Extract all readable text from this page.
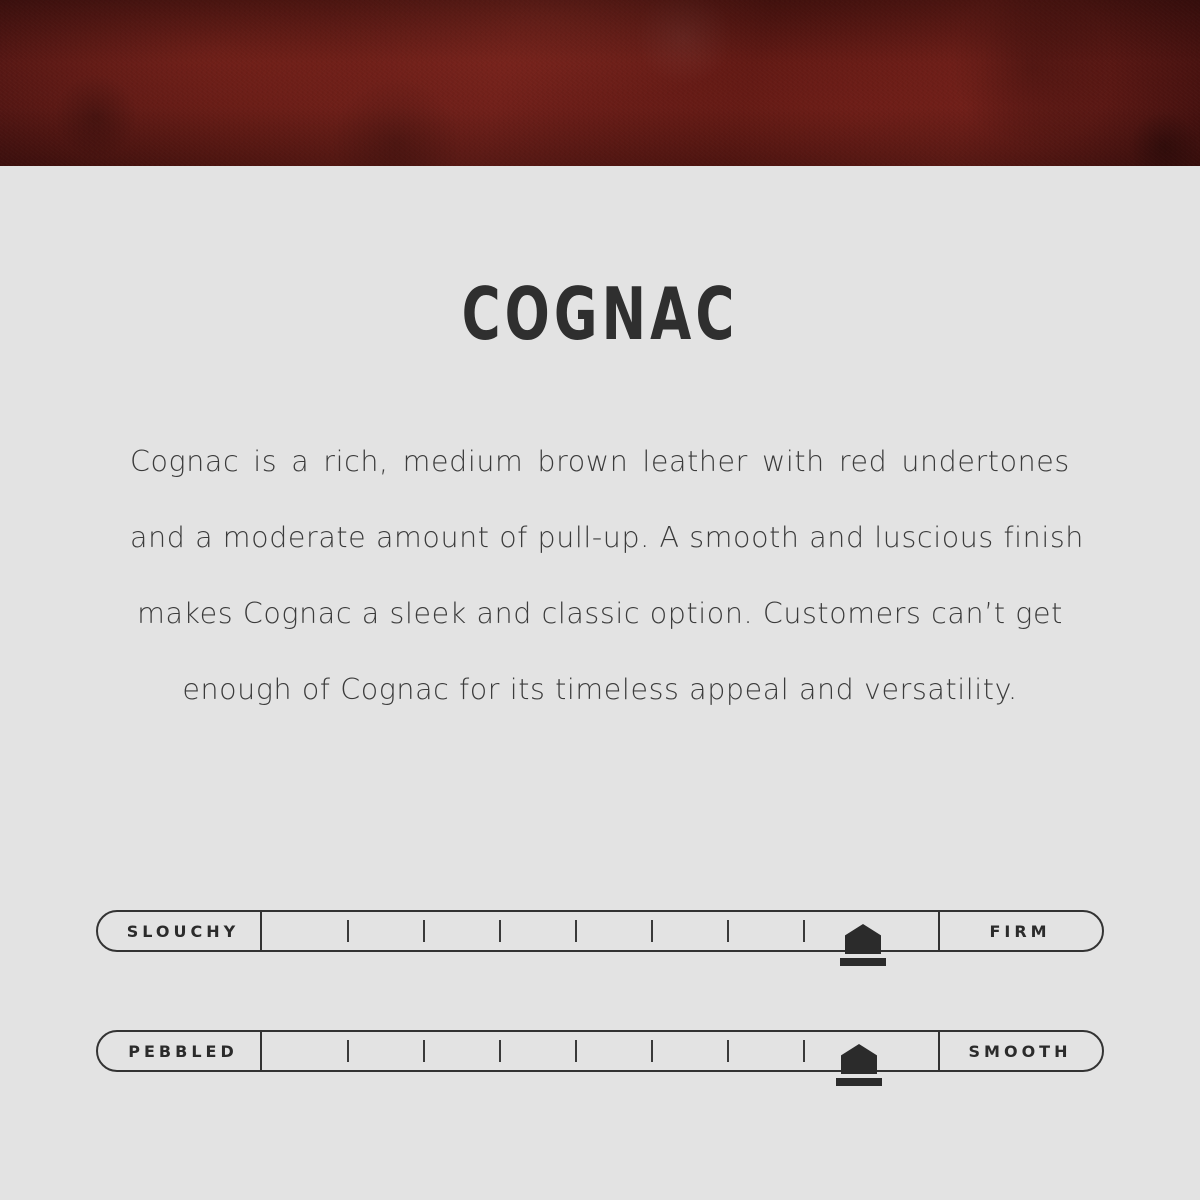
COGNAC
Cognac is a rich, medium brown leather with red undertones
and a moderate amount of pull-up. A smooth and luscious finish
makes Cognac a sleek and classic option. Customers can’t get
enough of Cognac for its timeless appeal and versatility.
SLOUCHY	FIRM
PEBBLED	SMOOTH
